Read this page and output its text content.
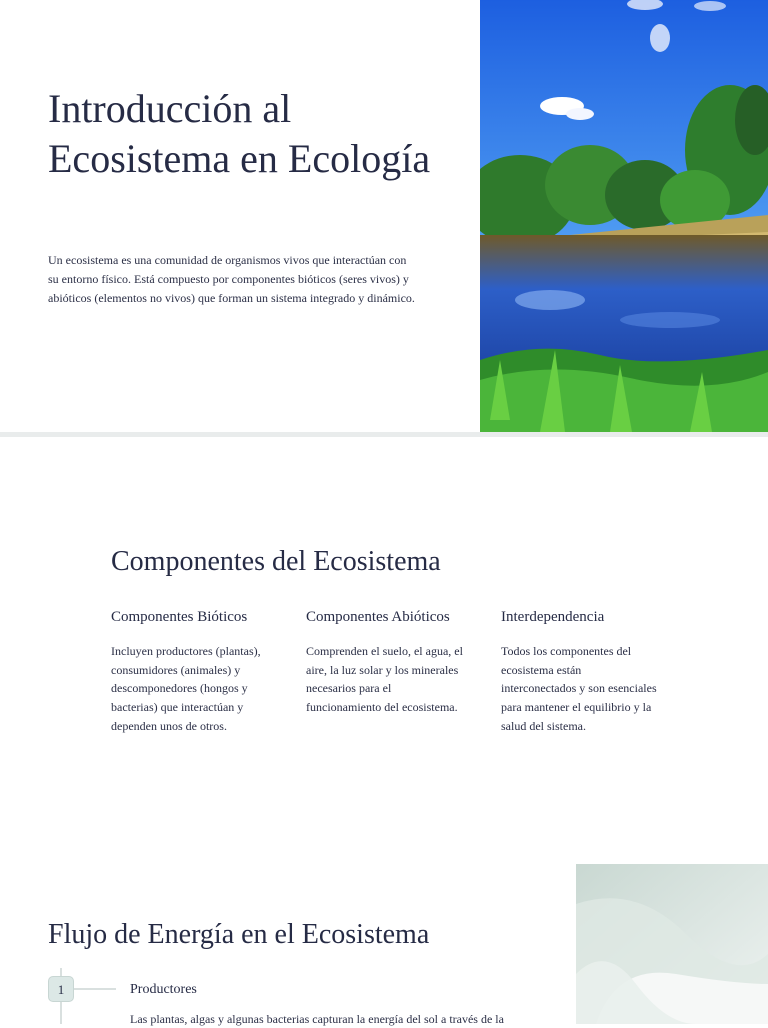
Introducción al Ecosistema en Ecología

Un ecosistema es una comunidad de organismos vivos que interactúan con su entorno físico. Está compuesto por componentes bióticos (seres vivos) y abióticos (elementos no vivos) que forman un sistema integrado y dinámico.

Componentes del Ecosistema
Componentes Bióticos

Incluyen productores (plantas), consumidores (animales) y descomponedores (hongos y bacterias) que interactúan y dependen unos de otros.

Componentes Abióticos

Comprenden el suelo, el agua, el aire, la luz solar y los minerales necesarios para el funcionamiento del ecosistema.

Interdependencia

Todos los componentes del ecosistema están interconectados y son esenciales para mantener el equilibrio y la salud del sistema.

Flujo de Energía en el Ecosistema
1	Productores
Las plantas, algas y algunas bacterias capturan la energía del sol a través de la
